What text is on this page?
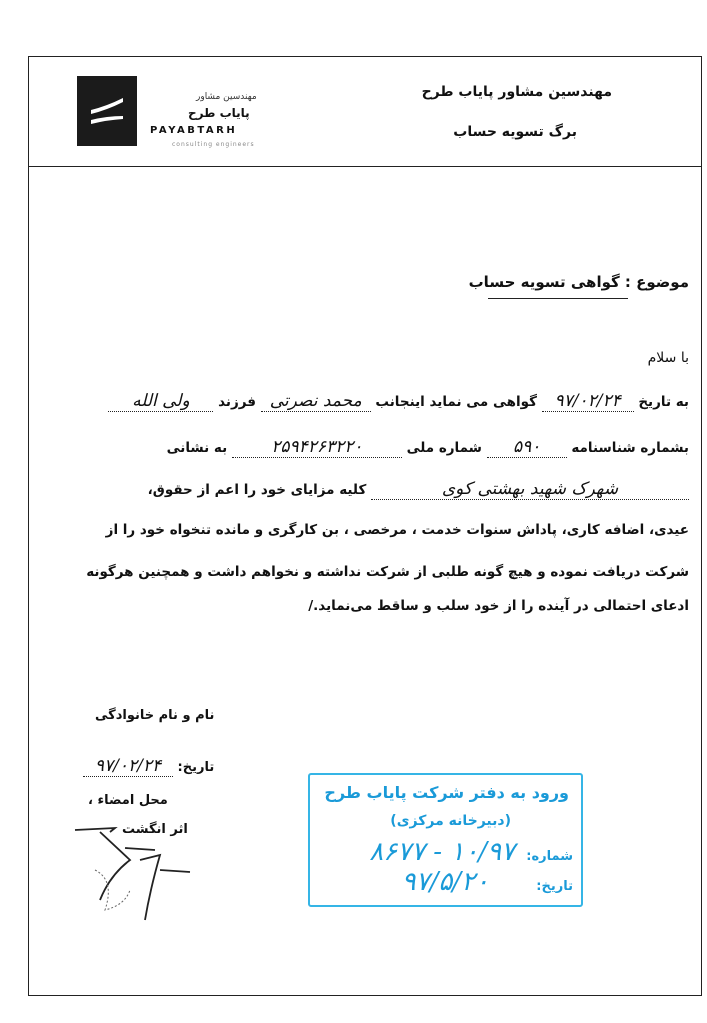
مهندسین مشاور
پایاب طرح
PAYABTARH
consulting engineers
مهندسین مشاور پایاب طرح
برگ تسویه حساب
موضوع : گواهی تسویه حساب
با سلام
به تاریخ ۹۷/۰۲/۲۴ گواهی می نماید اینجانب محمد نصرتی فرزند ولی الله
بشماره شناسنامه ۵۹۰ شماره ملی ۲۵۹۴۲۶۳۲۲۰ به نشانی
شهرک شهید بهشتی کوی کلیه مزایای خود را اعم از حقوق،
عیدی، اضافه کاری، پاداش سنوات خدمت ، مرخصی ، بن کارگری و مانده تنخواه خود را از
شرکت دریافت نموده و هیچ گونه طلبی از شرکت نداشته و نخواهم داشت و همچنین هرگونه
ادعای احتمالی در آینده را از خود سلب و ساقط می‌نماید./
نام و نام خانوادگی
تاریخ: ۹۷/۰۲/۲۴
محل امضاء ،
اثر انگشت
ورود به دفتر شرکت پایاب طرح
(دبیرخانه مرکزی)
شماره:
۱۰/۹۷ - ۸۶۷۷
تاریخ:
۹۷/۵/۲۰
